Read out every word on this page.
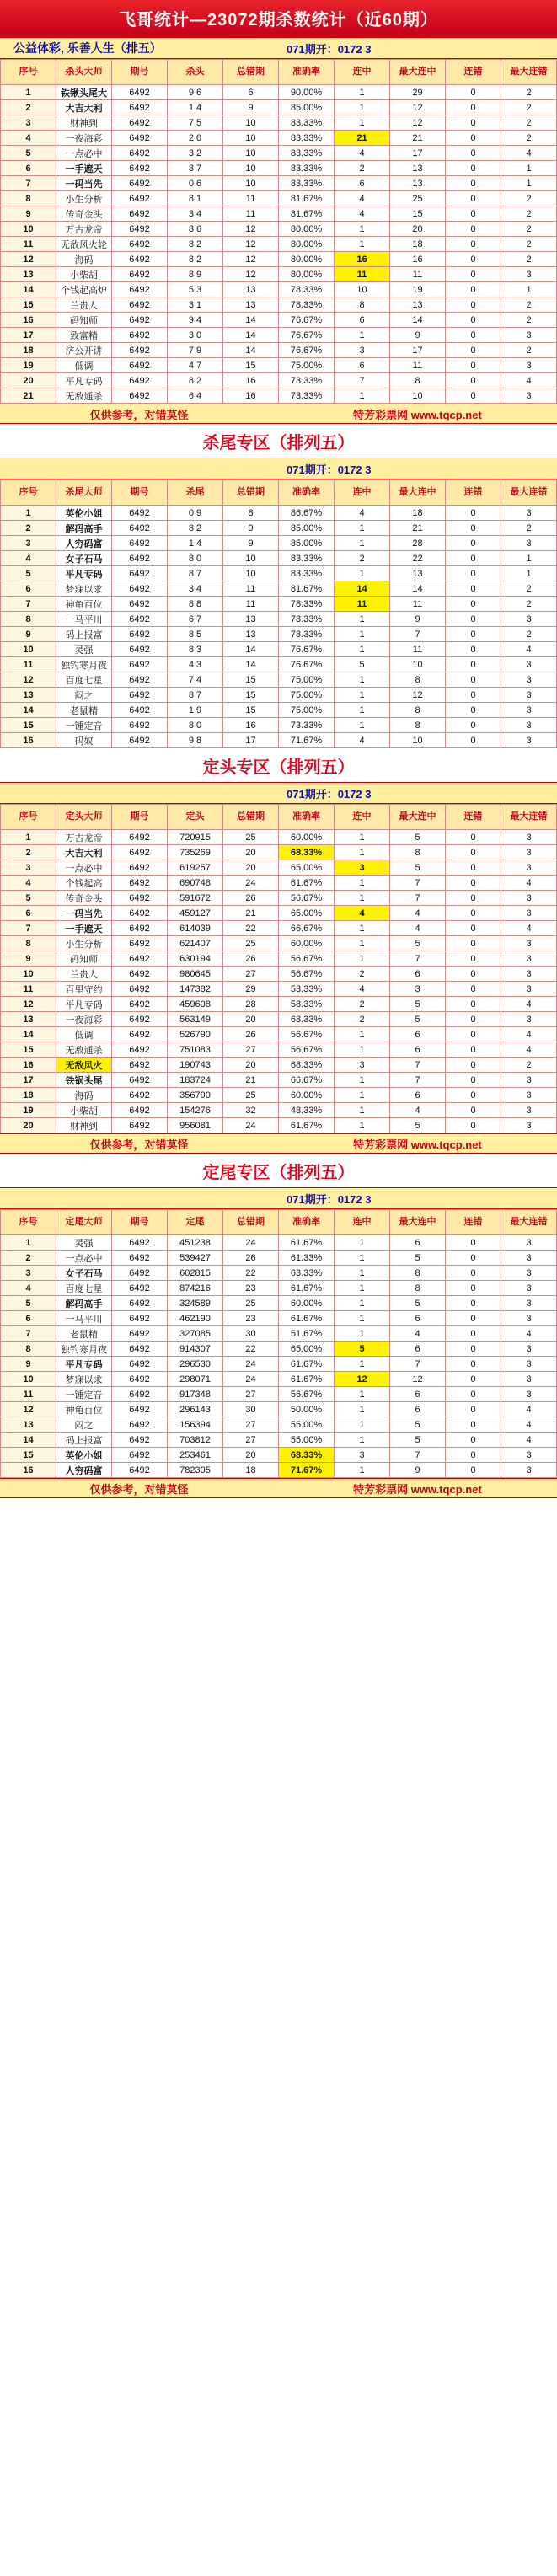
飞哥统计—23072期杀数统计（近60期）
公益体彩, 乐善人生（排五）	071期开：0172 3
序号	杀头大师	期号	杀头	总错期	准确率	连中	最大连中	连错	最大连错
1	铁锹头尾大	6492	9 6	6	90.00%	1	29	0	2
2	大吉大利	6492	1 4	9	85.00%	1	12	0	2
3	财神到	6492	7 5	10	83.33%	1	12	0	2
4	一夜海彩	6492	2 0	10	83.33%	21	21	0	2
5	一点必中	6492	3 2	10	83.33%	4	17	0	4
6	一手遮天	6492	8 7	10	83.33%	2	13	0	1
7	一码当先	6492	0 6	10	83.33%	6	13	0	1
8	小生分析	6492	8 1	11	81.67%	4	25	0	2
9	传奇金头	6492	3 4	11	81.67%	4	15	0	2
10	万古龙帝	6492	8 6	12	80.00%	1	20	0	2
11	无敌风火轮	6492	8 2	12	80.00%	1	18	0	2
12	海码	6492	8 2	12	80.00%	16	16	0	2
13	小柴胡	6492	8 9	12	80.00%	11	11	0	3
14	个钱起高炉	6492	5 3	13	78.33%	10	19	0	1
15	兰贵人	6492	3 1	13	78.33%	8	13	0	2
16	码知师	6492	9 4	14	76.67%	6	14	0	2
17	致富精	6492	3 0	14	76.67%	1	9	0	3
18	济公开讲	6492	7 9	14	76.67%	3	17	0	2
19	低调	6492	4 7	15	75.00%	6	11	0	3
20	平凡专码	6492	8 2	16	73.33%	7	8	0	4
21	无敌通杀	6492	6 4	16	73.33%	1	10	0	3
仅供参考，对错莫怪	特芳彩票网 www.tqcp.net
杀尾专区（排列五）
071期开：0172 3
序号	杀尾大师	期号	杀尾	总错期	准确率	连中	最大连中	连错	最大连错
1	英伦小姐	6492	0 9	8	86.67%	4	18	0	3
2	解码高手	6492	8 2	9	85.00%	1	21	0	2
3	人穷码富	6492	1 4	9	85.00%	1	28	0	3
4	女子石马	6492	8 0	10	83.33%	2	22	0	1
5	平凡专码	6492	8 7	10	83.33%	1	13	0	1
6	梦寐以求	6492	3 4	11	81.67%	14	14	0	2
7	神龟百位	6492	8 8	11	78.33%	11	11	0	2
8	一马平川	6492	6 7	13	78.33%	1	9	0	3
9	码上报富	6492	8 5	13	78.33%	1	7	0	2
10	灵强	6492	8 3	14	76.67%	1	11	0	4
11	独钓寒月夜	6492	4 3	14	76.67%	5	10	0	3
12	百度七星	6492	7 4	15	75.00%	1	8	0	3
13	闷之	6492	8 7	15	75.00%	1	12	0	3
14	老鼠精	6492	1 9	15	75.00%	1	8	0	3
15	一锤定音	6492	8 0	16	73.33%	1	8	0	3
16	码奴	6492	9 8	17	71.67%	4	10	0	3
定头专区（排列五）
071期开：0172 3
序号	定头大师	期号	定头	总错期	准确率	连中	最大连中	连错	最大连错
1	万古龙帝	6492	720915	25	60.00%	1	5	0	3
2	大吉大利	6492	735269	20	68.33%	1	8	0	3
3	一点必中	6492	619257	20	65.00%	3	5	0	3
4	个钱起高	6492	690748	24	61.67%	1	7	0	4
5	传奇金头	6492	591672	26	56.67%	1	7	0	3
6	一码当先	6492	459127	21	65.00%	4	4	0	3
7	一手遮天	6492	614039	22	66.67%	1	4	0	4
8	小生分析	6492	621407	25	60.00%	1	5	0	3
9	码知师	6492	630194	26	56.67%	1	7	0	3
10	兰贵人	6492	980645	27	56.67%	2	6	0	3
11	百里守约	6492	147382	29	53.33%	4	3	0	3
12	平凡专码	6492	459608	28	58.33%	2	5	0	4
13	一夜海彩	6492	563149	20	68.33%	2	5	0	3
14	低调	6492	526790	26	56.67%	1	6	0	4
15	无敌通杀	6492	751083	27	56.67%	1	6	0	4
16	无敌风火	6492	190743	20	68.33%	3	7	0	2
17	铁锅头尾	6492	183724	21	66.67%	1	7	0	3
18	海码	6492	356790	25	60.00%	1	6	0	3
19	小柴胡	6492	154276	32	48.33%	1	4	0	3
20	财神到	6492	956081	24	61.67%	1	5	0	3
仅供参考，对错莫怪	特芳彩票网 www.tqcp.net
定尾专区（排列五）
071期开：0172 3
序号	定尾大师	期号	定尾	总错期	准确率	连中	最大连中	连错	最大连错
1	灵强	6492	451238	24	61.67%	1	6	0	3
2	一点必中	6492	539427	26	61.33%	1	5	0	3
3	女子石马	6492	602815	22	63.33%	1	8	0	3
4	百度七星	6492	874216	23	61.67%	1	8	0	3
5	解码高手	6492	324589	25	60.00%	1	5	0	3
6	一马平川	6492	462190	23	61.67%	1	6	0	3
7	老鼠精	6492	327085	30	51.67%	1	4	0	4
8	独钓寒月夜	6492	914307	22	65.00%	5	6	0	3
9	平凡专码	6492	296530	24	61.67%	1	7	0	3
10	梦寐以求	6492	298071	24	61.67%	12	12	0	3
11	一锤定音	6492	917348	27	56.67%	1	6	0	3
12	神龟百位	6492	296143	30	50.00%	1	6	0	4
13	闷之	6492	156394	27	55.00%	1	5	0	4
14	码上报富	6492	703812	27	55.00%	1	5	0	4
15	英伦小姐	6492	253461	20	68.33%	3	7	0	3
16	人穷码富	6492	782305	18	71.67%	1	9	0	3
仅供参考，对错莫怪	特芳彩票网 www.tqcp.net
